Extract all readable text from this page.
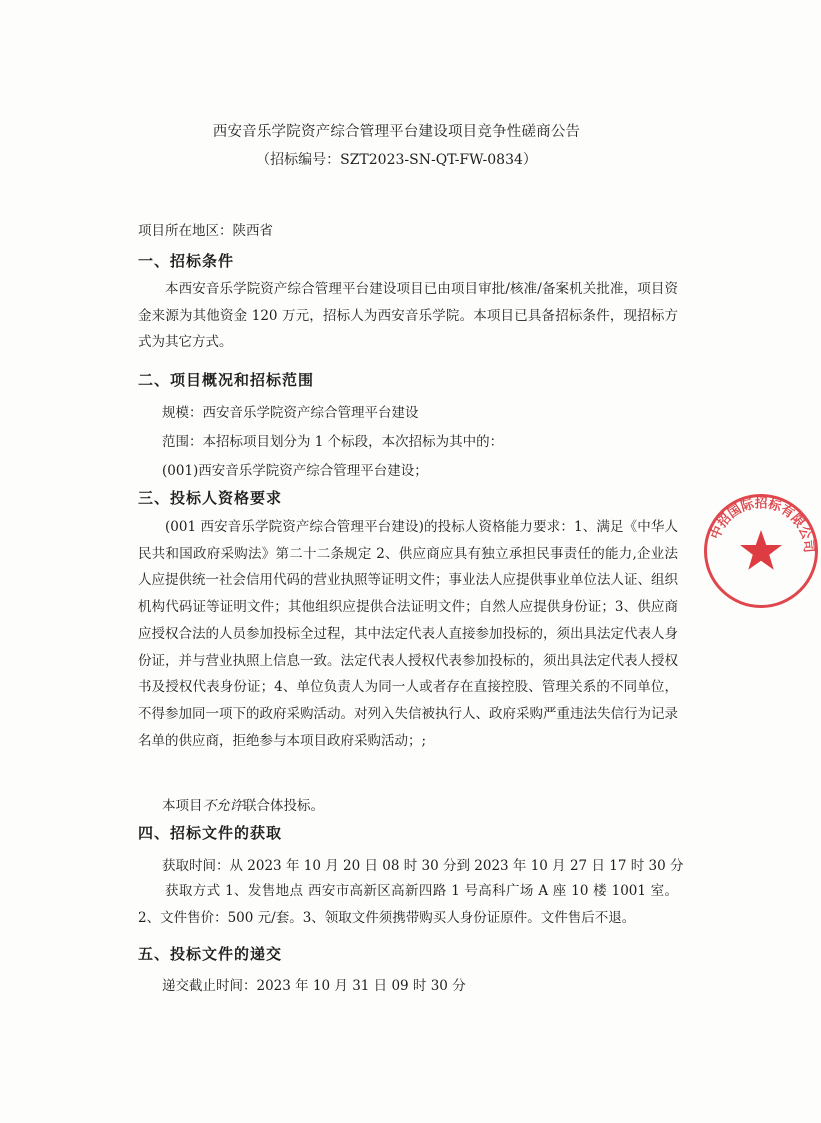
西安音乐学院资产综合管理平台建设项目竞争性磋商公告
（招标编号：SZT2023-SN-QT-FW-0834）
项目所在地区：陕西省
一、招标条件
本西安音乐学院资产综合管理平台建设项目已由项目审批/核准/备案机关批准，项目资金来源为其他资金 120 万元，招标人为西安音乐学院。本项目已具备招标条件，现招标方式为其它方式。
二、项目概况和招标范围
规模：西安音乐学院资产综合管理平台建设
范围：本招标项目划分为 1 个标段，本次招标为其中的：
(001)西安音乐学院资产综合管理平台建设；
三、投标人资格要求
(001 西安音乐学院资产综合管理平台建设)的投标人资格能力要求：1、满足《中华人民共和国政府采购法》第二十二条规定 2、供应商应具有独立承担民事责任的能力,企业法人应提供统一社会信用代码的营业执照等证明文件；事业法人应提供事业单位法人证、组织机构代码证等证明文件；其他组织应提供合法证明文件；自然人应提供身份证；3、供应商应授权合法的人员参加投标全过程，其中法定代表人直接参加投标的，须出具法定代表人身份证，并与营业执照上信息一致。法定代表人授权代表参加投标的，须出具法定代表人授权书及授权代表身份证；4、单位负责人为同一人或者存在直接控股、管理关系的不同单位，不得参加同一项下的政府采购活动。对列入失信被执行人、政府采购严重违法失信行为记录名单的供应商，拒绝参与本项目政府采购活动；;
本项目不允许联合体投标。
四、招标文件的获取
获取时间：从 2023 年 10 月 20 日 08 时 30 分到 2023 年 10 月 27 日 17 时 30 分
获取方式 1、发售地点 西安市高新区高新四路 1 号高科广场 A 座 10 楼 1001 室。2、文件售价：500 元/套。3、领取文件须携带购买人身份证原件。文件售后不退。
五、投标文件的递交
递交截止时间：2023 年 10 月 31 日 09 时 30 分
中招国际招标有限公司
